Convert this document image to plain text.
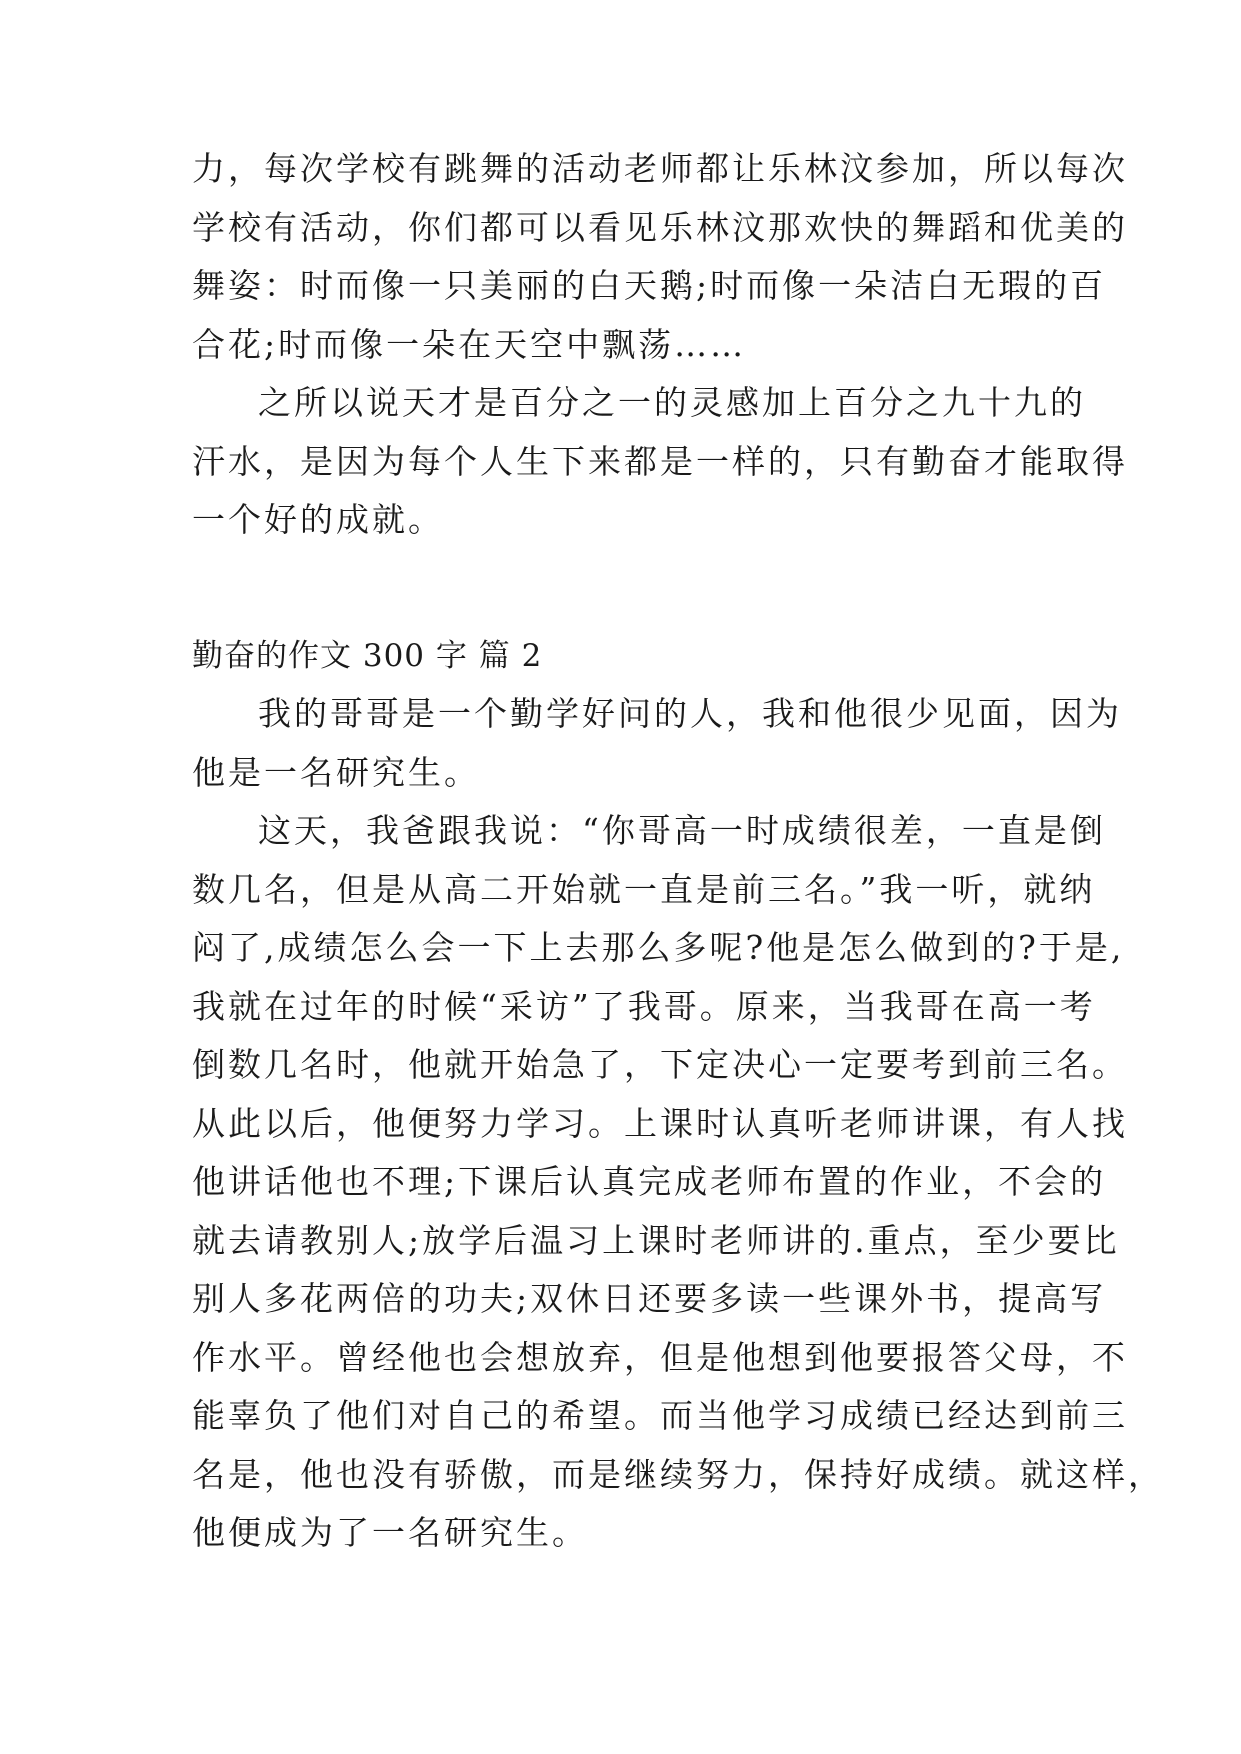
力，每次学校有跳舞的活动老师都让乐林汶参加，所以每次
学校有活动，你们都可以看见乐林汶那欢快的舞蹈和优美的
舞姿：时而像一只美丽的白天鹅;时而像一朵洁白无瑕的百
合花;时而像一朵在天空中飘荡……
之所以说天才是百分之一的灵感加上百分之九十九的
汗水，是因为每个人生下来都是一样的，只有勤奋才能取得
一个好的成就。
勤奋的作文 300 字 篇 2
我的哥哥是一个勤学好问的人，我和他很少见面，因为
他是一名研究生。
这天，我爸跟我说：“你哥高一时成绩很差，一直是倒
数几名，但是从高二开始就一直是前三名。”我一听，就纳
闷了,成绩怎么会一下上去那么多呢?他是怎么做到的?于是,
我就在过年的时候“采访”了我哥。原来，当我哥在高一考
倒数几名时，他就开始急了，下定决心一定要考到前三名。
从此以后，他便努力学习。上课时认真听老师讲课，有人找
他讲话他也不理;下课后认真完成老师布置的作业，不会的
就去请教别人;放学后温习上课时老师讲的.重点，至少要比
别人多花两倍的功夫;双休日还要多读一些课外书，提高写
作水平。曾经他也会想放弃，但是他想到他要报答父母，不
能辜负了他们对自己的希望。而当他学习成绩已经达到前三
名是，他也没有骄傲，而是继续努力，保持好成绩。就这样，
他便成为了一名研究生。
